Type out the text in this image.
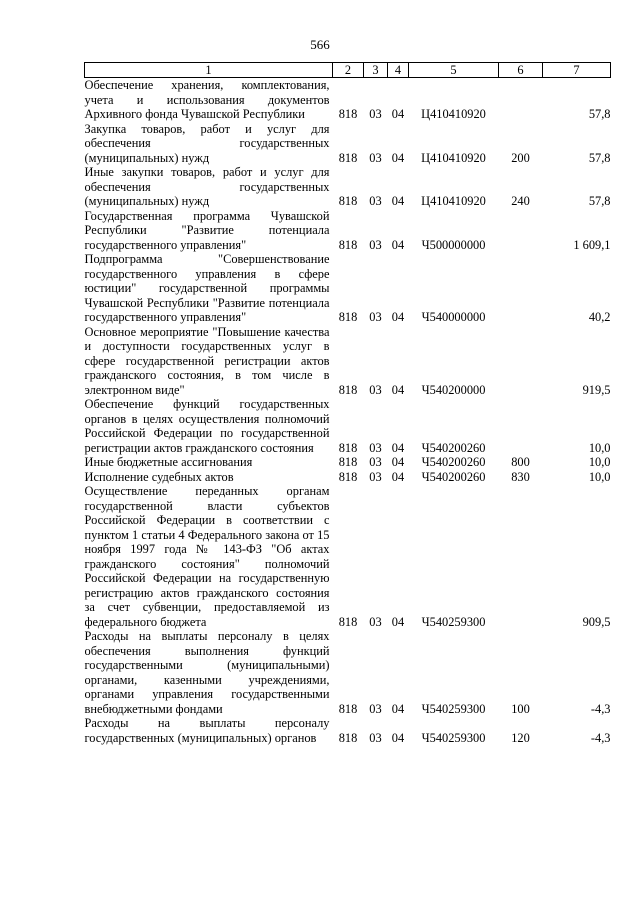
566
1	2	3	4	5	6	7
Обеспечение хранения, комплектования, учета и использования документов Архивного фонда Чувашской Республики	818	03	04	Ц410410920		57,8
Закупка товаров, работ и услуг для обеспечения государственных (муниципальных) нужд	818	03	04	Ц410410920	200	57,8
Иные закупки товаров, работ и услуг для обеспечения государственных (муниципальных) нужд	818	03	04	Ц410410920	240	57,8
Государственная программа Чувашской Республики "Развитие потенциала государственного управления"	818	03	04	Ч500000000		1 609,1
Подпрограмма "Совершенствование государственного управления в сфере юстиции" государственной программы Чувашской Республики "Развитие потенциала государственного управления"	818	03	04	Ч540000000		40,2
Основное мероприятие "Повышение качества и доступности государственных услуг в сфере государственной регистрации актов гражданского состояния, в том числе в электронном виде"	818	03	04	Ч540200000		919,5
Обеспечение функций государственных органов в целях осуществления полномочий Российской Федерации по государственной регистрации актов гражданского состояния	818	03	04	Ч540200260		10,0
Иные бюджетные ассигнования	818	03	04	Ч540200260	800	10,0
Исполнение судебных актов	818	03	04	Ч540200260	830	10,0
Осуществление переданных органам государственной власти субъектов Российской Федерации в соответствии с пунктом 1 статьи 4 Федерального закона от 15 ноября 1997 года № 143-ФЗ "Об актах гражданского состояния" полномочий Российской Федерации на государственную регистрацию актов гражданского состояния за счет субвенции, предоставляемой из федерального бюджета	818	03	04	Ч540259300		909,5
Расходы на выплаты персоналу в целях обеспечения выполнения функций государственными (муниципальными) органами, казенными учреждениями, органами управления государственными внебюджетными фондами	818	03	04	Ч540259300	100	-4,3
Расходы на выплаты персоналу государственных (муниципальных) органов	818	03	04	Ч540259300	120	-4,3
